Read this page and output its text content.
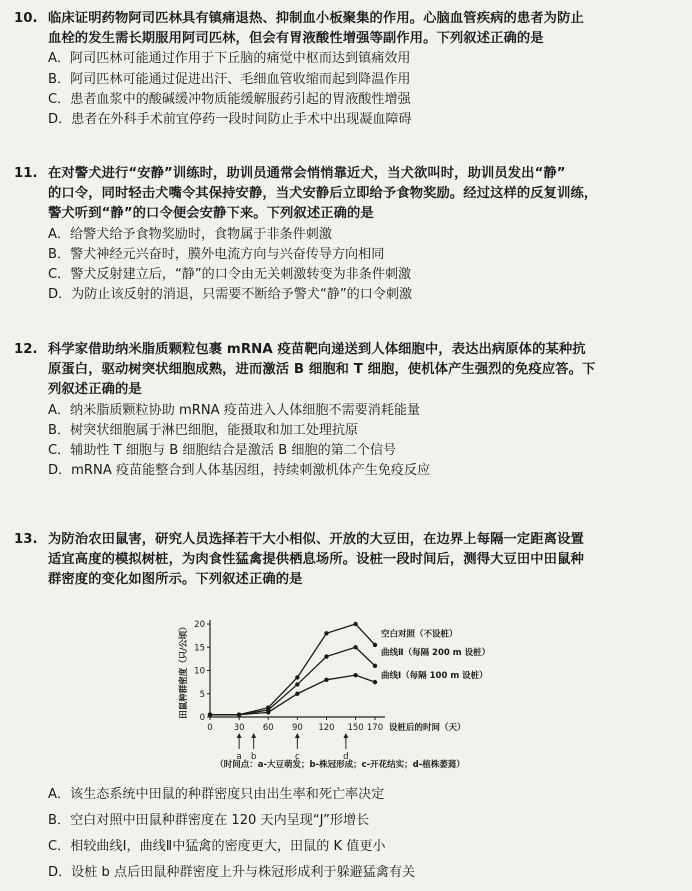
10. 临床证明药物阿司匹林具有镇痛退热、抑制血小板聚集的作用。心脑血管疾病的患者为防止
血栓的发生需长期服用阿司匹林，但会有胃液酸性增强等副作用。下列叙述正确的是
A．阿司匹林可能通过作用于下丘脑的痛觉中枢而达到镇痛效用
B．阿司匹林可能通过促进出汗、毛细血管收缩而起到降温作用
C．患者血浆中的酸碱缓冲物质能缓解服药引起的胃液酸性增强
D．患者在外科手术前宜停药一段时间防止手术中出现凝血障碍
11. 在对警犬进行“安静”训练时，助训员通常会悄悄靠近犬，当犬欲叫时，助训员发出“静”
的口令，同时轻击犬嘴令其保持安静，当犬安静后立即给予食物奖励。经过这样的反复训练，
警犬听到“静”的口令便会安静下来。下列叙述正确的是
A．给警犬给予食物奖励时，食物属于非条件刺激
B．警犬神经元兴奋时，膜外电流方向与兴奋传导方向相同
C．警犬反射建立后，“静”的口令由无关刺激转变为非条件刺激
D．为防止该反射的消退，只需要不断给予警犬“静”的口令刺激
12. 科学家借助纳米脂质颗粒包裹 mRNA 疫苗靶向递送到人体细胞中，表达出病原体的某种抗
原蛋白，驱动树突状细胞成熟，进而激活 B 细胞和 T 细胞，使机体产生强烈的免疫应答。下
列叙述正确的是
A．纳米脂质颗粒协助 mRNA 疫苗进入人体细胞不需要消耗能量
B．树突状细胞属于淋巴细胞，能摄取和加工处理抗原
C．辅助性 T 细胞与 B 细胞结合是激活 B 细胞的第二个信号
D．mRNA 疫苗能整合到人体基因组，持续刺激机体产生免疫反应
13. 为防治农田鼠害，研究人员选择若干大小相似、开放的大豆田，在边界上每隔一定距离设置
适宜高度的模拟树桩，为肉食性猛禽提供栖息场所。设桩一段时间后，测得大豆田中田鼠种
群密度的变化如图所示。下列叙述正确的是
0
5
10
15
20
0 30 60 90 120 150 170 设桩后的时间（天）
田鼠种群密度（只/公顷）	空白对照（不设桩）
曲线Ⅱ（每隔 200 m 设桩）
曲线Ⅰ（每隔 100 m 设桩）
a b	c	d
（时间点：a-大豆萌发；b-株冠形成；c-开花结实；d-植株萎蔫）
A．该生态系统中田鼠的种群密度只由出生率和死亡率决定
B．空白对照中田鼠种群密度在 120 天内呈现“J”形增长
C．相较曲线Ⅰ，曲线Ⅱ中猛禽的密度更大，田鼠的 K 值更小
D．设桩 b 点后田鼠种群密度上升与株冠形成利于躲避猛禽有关
